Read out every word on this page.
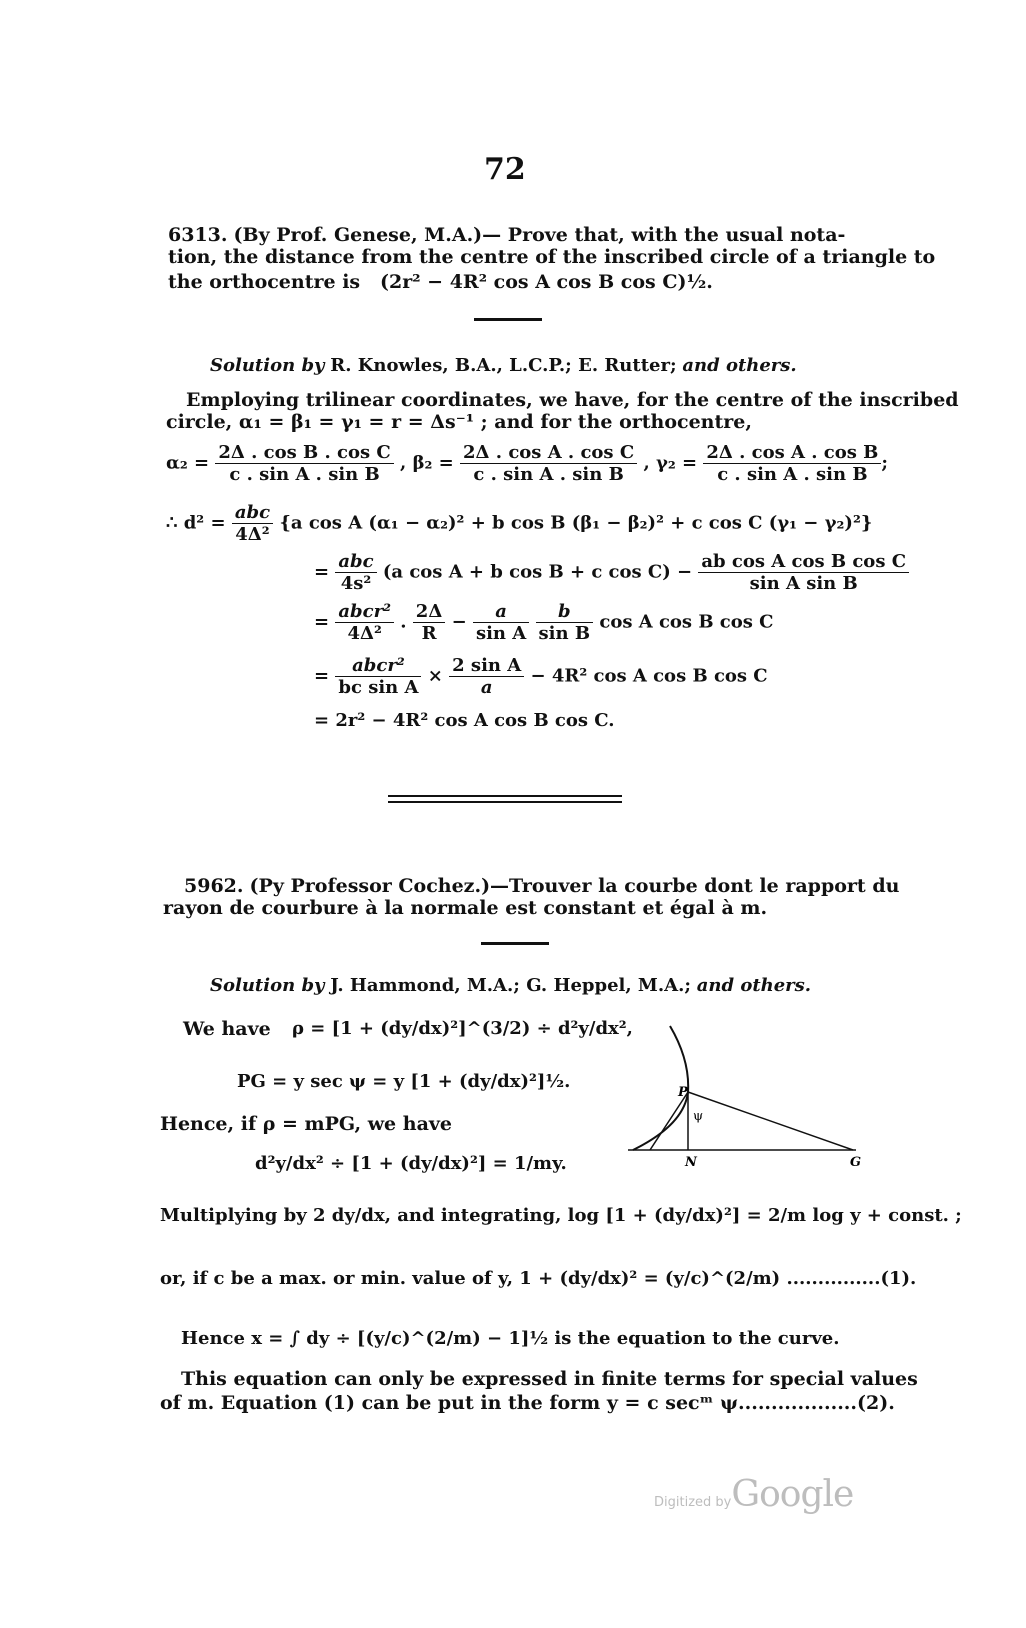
72
6313. (By Prof. Genese, M.A.)— Prove that, with the usual nota-
tion, the distance from the centre of the inscribed circle of a triangle to
the orthocentre is (2r² − 4R² cos A cos B cos C)½.
Solution by R. Knowles, B.A., L.C.P.; E. Rutter; and others.
Employing trilinear coordinates, we have, for the centre of the inscribed
circle, α₁ = β₁ = γ₁ = r = Δs⁻¹ ; and for the orthocentre,
$\alpha_2 = \frac{\text{2Δ . cos B . cos C}}{\text{c . sin A . sin B}}$ , $\beta_2 = \frac{\text{2Δ . cos A . cos C}}{\text{c . sin A . sin B}}$ , $\gamma_2 = \frac{\text{2Δ . cos A . cos B}}{\text{c . sin A . sin B}}$ ;
∴ $d^2 = \frac{\text{abc}}{\text{4Δ²}} \{a$ cos A (α₁ − α₂)² + b cos B (β₁ − β₂)² + c cos C (γ₁ − γ₂)²}
= $\frac{\text{abc}}{\text{4s²}} (a$ cos A + b cos B + c $\cos C) - \frac{\text{ab cos A cos B cos C}}{\text{sin A sin B}}$
= $\frac{\text{abcr²}}{\text{4Δ²}}$ . $\frac{2\Delta}{R} - \frac{a}{\text{sin A}}$
$\frac{b}{\text{sin B}}$ cos A cos B cos C
= $\frac{\text{abcr²}}{\text{bc sin A}} \times \frac{\text{2 sin A}}{a} - 4R^2$ cos A cos B cos C
= 2r² − 4R² cos A cos B cos C.
5962. (Py Professor Cochez.)—Trouver la courbe dont le rapport du
rayon de courbure à la normale est constant et égal à m.
Solution by J. Hammond, M.A.; G. Heppel, M.A.; and others.
We have ρ = [1 + (dy/dx)²]^(3/2) ÷ d²y/dx²,
PG = y sec ψ = y [1 + (dy/dx)²]½.
Hence, if ρ = mPG, we have
d²y/dx² ÷ [1 + (dy/dx)²] = 1/my.
Multiplying by 2 dy/dx, and integrating, log [1 + (dy/dx)²] = 2/m log y + const. ;
or, if c be a max. or min. value of y, 1 + (dy/dx)² = (y/c)^(2/m) ...............(1).
Hence x = ∫ dy ÷ [(y/c)^(2/m) − 1]½ is the equation to the curve.
This equation can only be expressed in finite terms for special values
of m. Equation (1) can be put in the form y = c secᵐ ψ..................(2).
P
ψ
N	G
Digitized byGoogle
